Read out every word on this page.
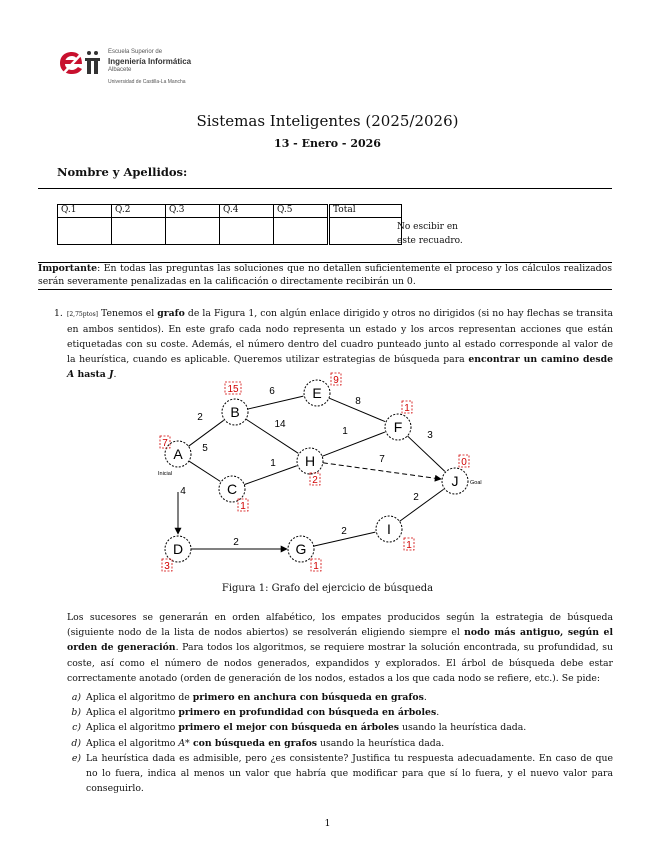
Escuela Superior de
Ingeniería Informática
Albacete
Universidad de Castilla-La Mancha
Sistemas Inteligentes (2025/2026)
13 - Enero - 2026
Nombre y Apellidos:
Q.1	Q.2	Q.3	Q.4	Q.5	Total

No escibir en este recuadro.
Importante: En todas las preguntas las soluciones que no detallen suficientemente el proceso y los cálculos realizados serán severamente penalizadas en la calificación o directamente recibirán un 0.
1. [2,75ptos] Tenemos el grafo de la Figura 1, con algún enlace dirigido y otros no dirigidos (si no hay flechas se transita en ambos sentidos). En este grafo cada nodo representa un estado y los arcos representan acciones que están etiquetadas con su coste. Además, el número dentro del cuadro punteado junto al estado corresponde al valor de la heurística, cuando es aplicable. Queremos utilizar estrategias de búsqueda para encontrar un camino desde A hasta J.
2
5
6
14
8
1
1
3
7
4
2
2
2
A
7
B
15
C
1
D
3
E
9
F
1
G
1
H
2
I
1
J
0
Inicial
Goal
Figura 1: Grafo del ejercicio de búsqueda
Los sucesores se generarán en orden alfabético, los empates producidos según la estrategia de búsqueda (siguiente nodo de la lista de nodos abiertos) se resolverán eligiendo siempre el nodo más antiguo, según el orden de generación. Para todos los algoritmos, se requiere mostrar la solución encontrada, su profundidad, su coste, así como el número de nodos generados, expandidos y explorados. El árbol de búsqueda debe estar correctamente anotado (orden de generación de los nodos, estados a los que cada nodo se refiere, etc.). Se pide:
a) Aplica el algoritmo de primero en anchura con búsqueda en grafos.
b) Aplica el algoritmo primero en profundidad con búsqueda en árboles.
c) Aplica el algoritmo primero el mejor con búsqueda en árboles usando la heurística dada.
d) Aplica el algoritmo A* con búsqueda en grafos usando la heurística dada.
e) La heurística dada es admisible, pero ¿es consistente? Justifica tu respuesta adecuadamente. En caso de que no lo fuera, indica al menos un valor que habría que modificar para que sí lo fuera, y el nuevo valor para conseguirlo.
1
